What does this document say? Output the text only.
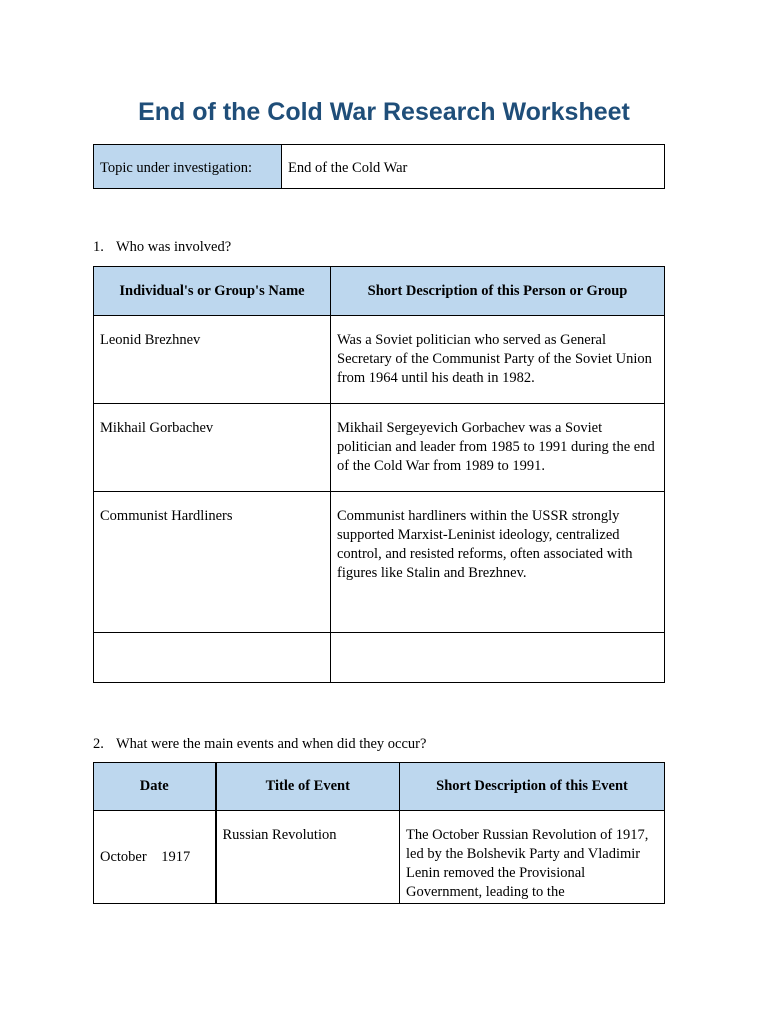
End of the Cold War Research Worksheet
Topic under investigation:	End of the Cold War
1. Who was involved?
Individual's or Group's Name	Short Description of this Person or Group
Leonid Brezhnev	Was a Soviet politician who served as General Secretary of the Communist Party of the Soviet Union from 1964 until his death in 1982.
Mikhail Gorbachev	Mikhail Sergeyevich Gorbachev was a Soviet politician and leader from 1985 to 1991 during the end of the Cold War from 1989 to 1991.
Communist Hardliners	Communist hardliners within the USSR strongly supported Marxist-Leninist ideology, centralized control, and resisted reforms, often associated with figures like Stalin and Brezhnev.

2. What were the main events and when did they occur?
Date	Title of Event	Short Description of this Event
October    1917	Russian Revolution	The October Russian Revolution of 1917, led by the Bolshevik Party and Vladimir Lenin removed the Provisional Government, leading to the
